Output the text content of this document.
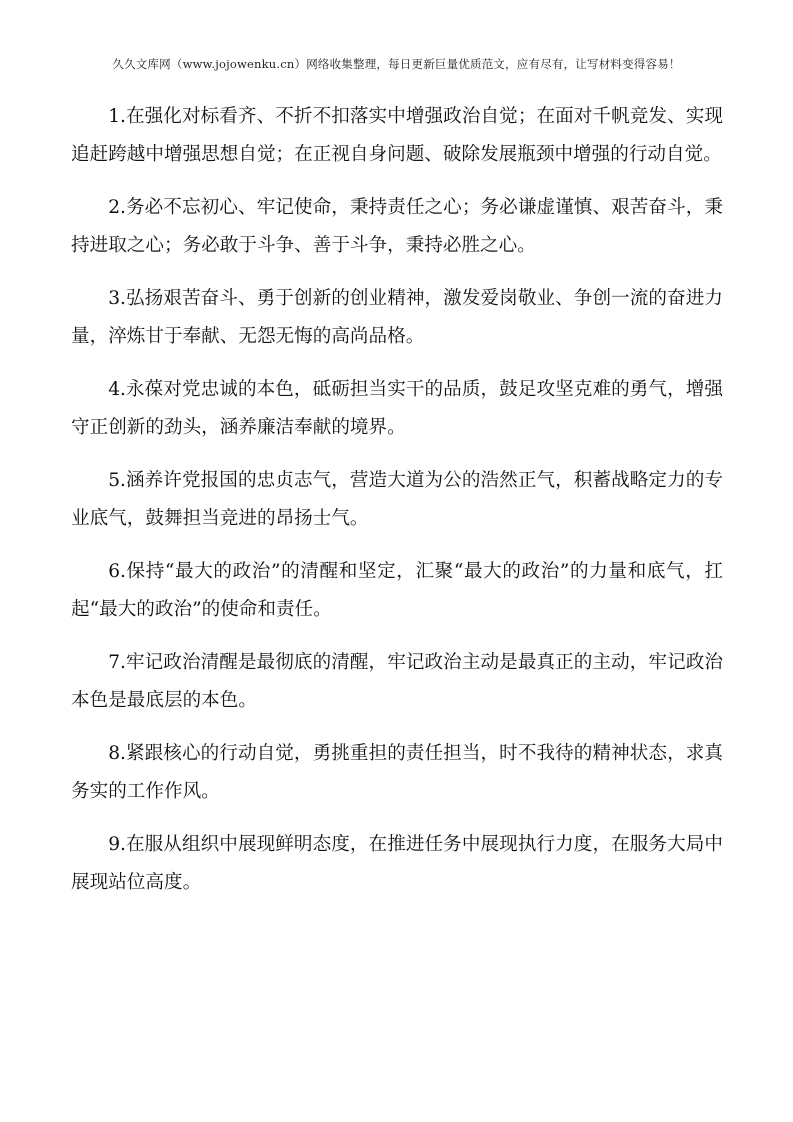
久久文库网（www.jojowenku.cn）网络收集整理，每日更新巨量优质范文，应有尽有，让写材料变得容易！

1.在强化对标看齐、不折不扣落实中增强政治自觉；在面对千帆竞发、实现追赶跨越中增强思想自觉；在正视自身问题、破除发展瓶颈中增强的行动自觉。

2.务必不忘初心、牢记使命，秉持责任之心；务必谦虚谨慎、艰苦奋斗，秉持进取之心；务必敢于斗争、善于斗争，秉持必胜之心。

3.弘扬艰苦奋斗、勇于创新的创业精神，激发爱岗敬业、争创一流的奋进力量，淬炼甘于奉献、无怨无悔的高尚品格。

4.永葆对党忠诚的本色，砥砺担当实干的品质，鼓足攻坚克难的勇气，增强守正创新的劲头，涵养廉洁奉献的境界。

5.涵养许党报国的忠贞志气，营造大道为公的浩然正气，积蓄战略定力的专业底气，鼓舞担当竞进的昂扬士气。

6.保持“最大的政治”的清醒和坚定，汇聚“最大的政治”的力量和底气，扛起“最大的政治”的使命和责任。

7.牢记政治清醒是最彻底的清醒，牢记政治主动是最真正的主动，牢记政治本色是最底层的本色。

8.紧跟核心的行动自觉，勇挑重担的责任担当，时不我待的精神状态，求真务实的工作作风。

9.在服从组织中展现鲜明态度，在推进任务中展现执行力度，在服务大局中展现站位高度。
